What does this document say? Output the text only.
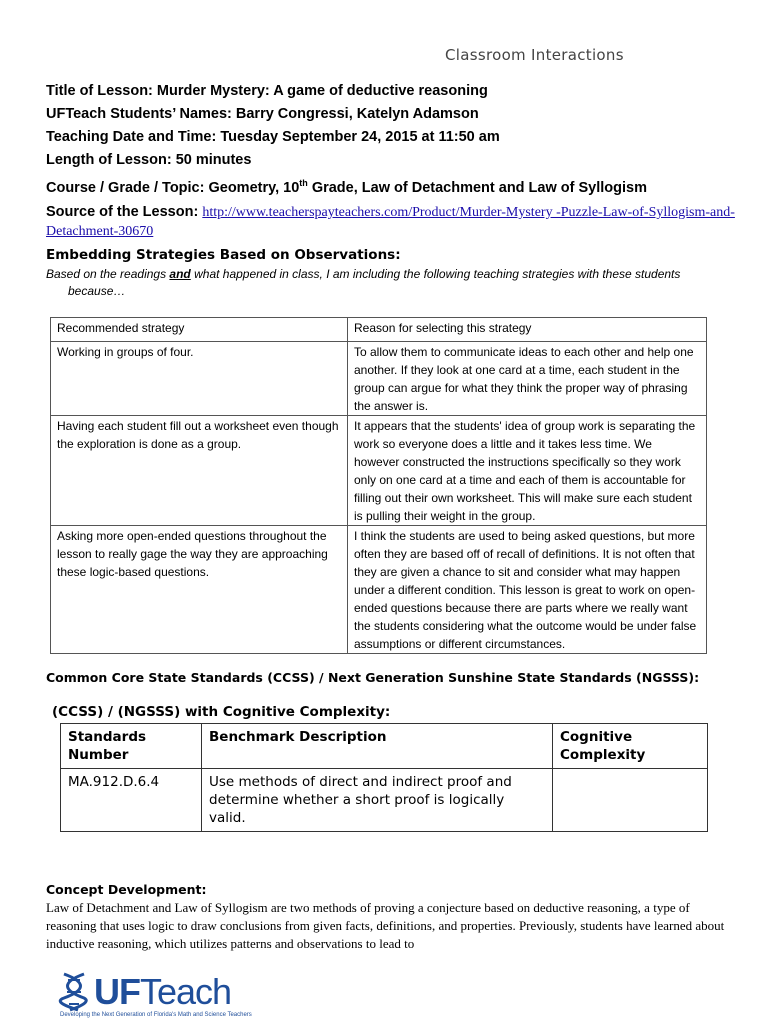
Classroom Interactions
Title of Lesson: Murder Mystery: A game of deductive reasoning
UFTeach Students’ Names: Barry Congressi, Katelyn Adamson
Teaching Date and Time: Tuesday September 24, 2015 at 11:50 am
Length of Lesson: 50 minutes
Course / Grade / Topic: Geometry, 10th Grade, Law of Detachment and Law of Syllogism
Source of the Lesson: http://www.teacherspayteachers.com/Product/Murder-Mystery -Puzzle-Law-of-Syllogism-and-Detachment-30670
Embedding Strategies Based on Observations:
Based on the readings and what happened in class, I am including the following teaching strategies with these students
because…
Recommended strategy	Reason for selecting this strategy
Working in groups of four.	To allow them to communicate ideas to each other and help one another. If they look at one card at a time, each student in the group can argue for what they think the proper way of phrasing the answer is.
Having each student fill out a worksheet even though the exploration is done as a group.	It appears that the students' idea of group work is separating the work so everyone does a little and it takes less time. We however constructed the instructions specifically so they work only on one card at a time and each of them is accountable for filling out their own worksheet. This will make sure each student is pulling their weight in the group.
Asking more open-ended questions throughout the lesson to really gage the way they are approaching these logic-based questions.	I think the students are used to being asked questions, but more often they are based off of recall of definitions. It is not often that they are given a chance to sit and consider what may happen under a different condition. This lesson is great to work on open-ended questions because there are parts where we really want the students considering what the outcome would be under false assumptions or different circumstances.
Common Core State Standards (CCSS) / Next Generation Sunshine State Standards (NGSSS):
(CCSS) / (NGSSS) with Cognitive Complexity:
Standards Number	Benchmark Description	Cognitive Complexity
MA.912.D.6.4	Use methods of direct and indirect proof and determine whether a short proof is logically valid.	
Concept Development:
Law of Detachment and Law of Syllogism are two methods of proving a conjecture based on deductive reasoning, a type of reasoning that uses logic to draw conclusions from given facts, definitions, and properties. Previously, students have learned about inductive reasoning, which utilizes patterns and observations to lead to
UFTeach
Developing the Next Generation of Florida's Math and Science Teachers
